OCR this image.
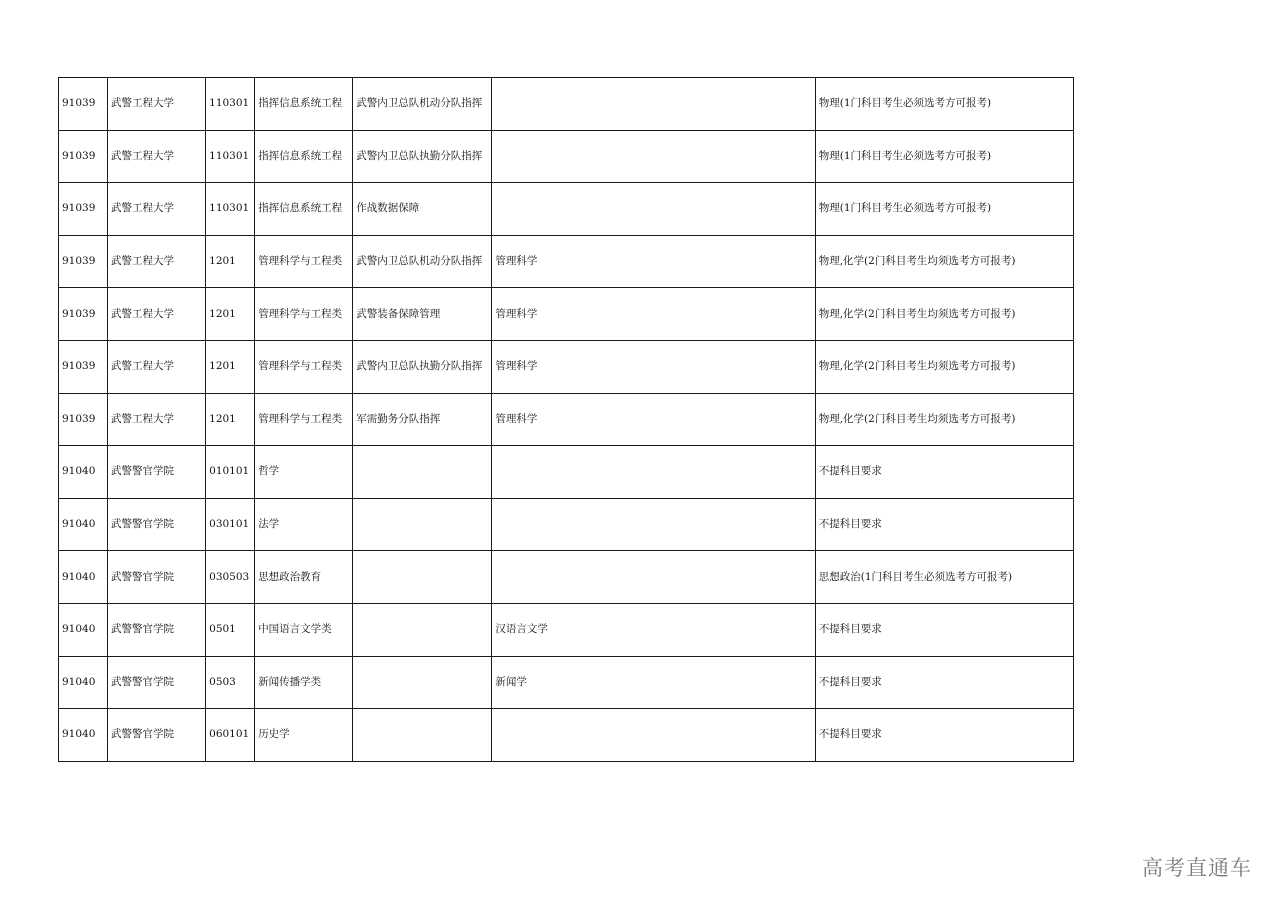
91039	武警工程大学	110301	指挥信息系统工程	武警内卫总队机动分队指挥		物理(1门科目考生必须选考方可报考)
91039	武警工程大学	110301	指挥信息系统工程	武警内卫总队执勤分队指挥		物理(1门科目考生必须选考方可报考)
91039	武警工程大学	110301	指挥信息系统工程	作战数据保障		物理(1门科目考生必须选考方可报考)
91039	武警工程大学	1201	管理科学与工程类	武警内卫总队机动分队指挥	管理科学	物理,化学(2门科目考生均须选考方可报考)
91039	武警工程大学	1201	管理科学与工程类	武警装备保障管理	管理科学	物理,化学(2门科目考生均须选考方可报考)
91039	武警工程大学	1201	管理科学与工程类	武警内卫总队执勤分队指挥	管理科学	物理,化学(2门科目考生均须选考方可报考)
91039	武警工程大学	1201	管理科学与工程类	军需勤务分队指挥	管理科学	物理,化学(2门科目考生均须选考方可报考)
91040	武警警官学院	010101	哲学			不提科目要求
91040	武警警官学院	030101	法学			不提科目要求
91040	武警警官学院	030503	思想政治教育			思想政治(1门科目考生必须选考方可报考)
91040	武警警官学院	0501	中国语言文学类		汉语言文学	不提科目要求
91040	武警警官学院	0503	新闻传播学类		新闻学	不提科目要求
91040	武警警官学院	060101	历史学			不提科目要求
高考直通车
